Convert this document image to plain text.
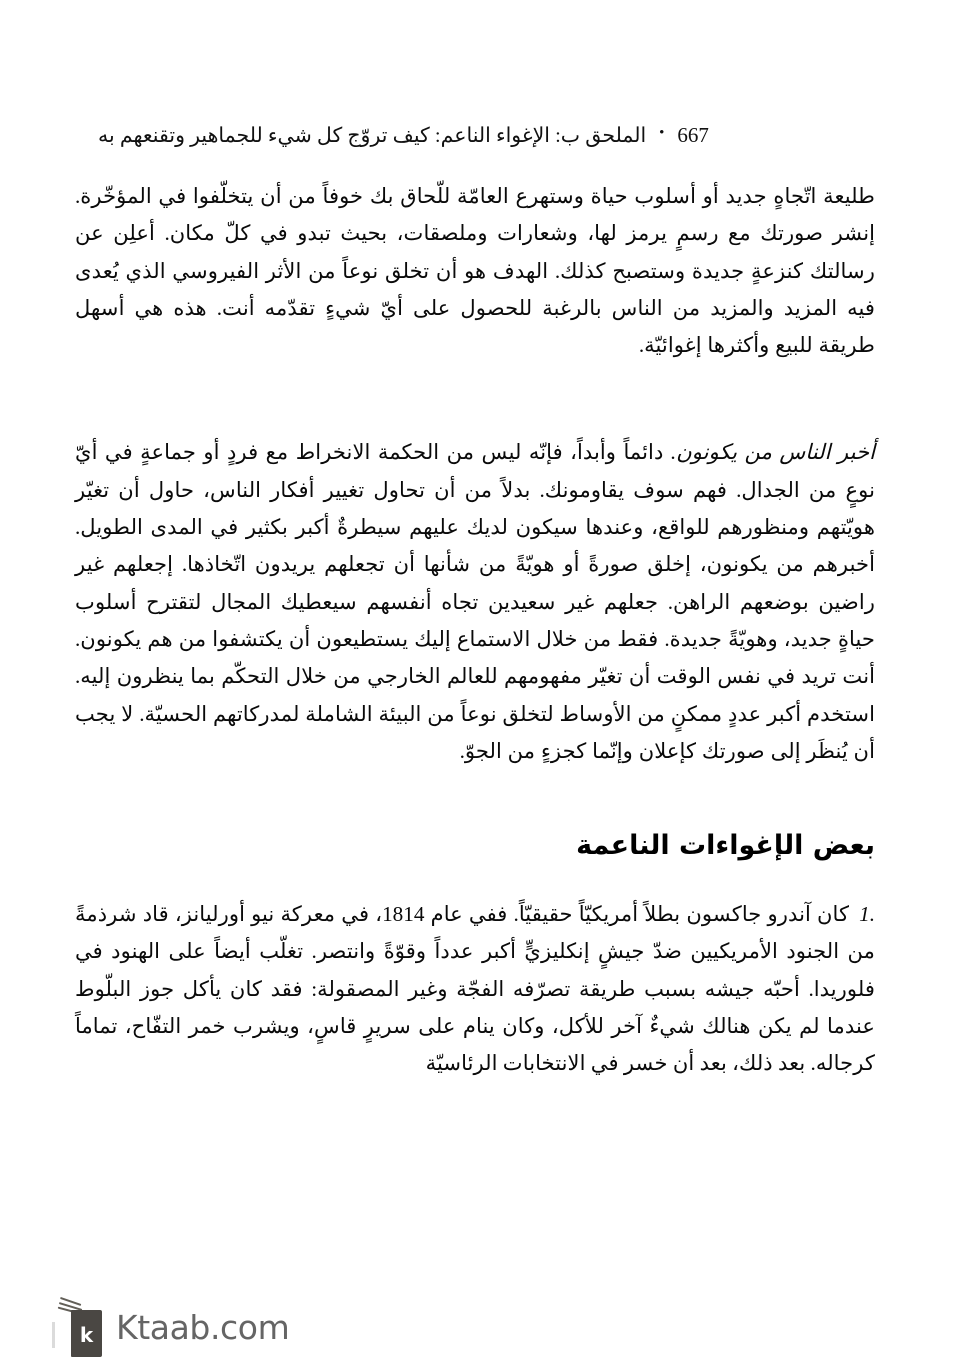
الملحق ب: الإغواء الناعم: كيف تروّج كل شيء للجماهير وتقنعهم به • 667

طليعة اتّجاهٍ جديد أو أسلوب حياة وستهرع العامّة للّحاق بك خوفاً من أن يتخلّفوا في المؤخّرة. إنشر صورتك مع رسمٍ يرمز لها، وشعارات وملصقات، بحيث تبدو في كلّ مكان. أعلِن عن رسالتك كنزعةٍ جديدة وستصبح كذلك. الهدف هو أن تخلق نوعاً من الأثر الفيروسي الذي يُعدى فيه المزيد والمزيد من الناس بالرغبة للحصول على أيّ شيءٍ تقدّمه أنت. هذه هي أسهل طريقة للبيع وأكثرها إغوائيّة.

أخبر الناس من يكونون. دائماً وأبداً، فإنّه ليس من الحكمة الانخراط مع فردٍ أو جماعةٍ في أيّ نوعٍ من الجدال. فهم سوف يقاومونك. بدلاً من أن تحاول تغيير أفكار الناس، حاول أن تغيّر هويّتهم ومنظورهم للواقع، وعندها سيكون لديك عليهم سيطرةٌ أكبر بكثير في المدى الطويل. أخبرهم من يكونون، إخلق صورةً أو هويّةً من شأنها أن تجعلهم يريدون اتّخاذها. إجعلهم غير راضين بوضعهم الراهن. جعلهم غير سعيدين تجاه أنفسهم سيعطيك المجال لتقترح أسلوب حياةٍ جديد، وهويّةً جديدة. فقط من خلال الاستماع إليك يستطيعون أن يكتشفوا من هم يكونون. أنت تريد في نفس الوقت أن تغيّر مفهومهم للعالم الخارجي من خلال التحكّم بما ينظرون إليه. استخدم أكبر عددٍ ممكنٍ من الأوساط لتخلق نوعاً من البيئة الشاملة لمدركاتهم الحسيّة. لا يجب أن يُنظَر إلى صورتك كإعلان وإنّما كجزءٍ من الجوّ.

بعض الإغواءات الناعمة

1.كان آندرو جاكسون بطلاً أمريكيّاً حقيقيّاً. ففي عام 1814، في معركة نيو أورليانز، قاد شرذمةً من الجنود الأمريكيين ضدّ جيشٍ إنكليزيٍّ أكبر عدداً وقوّةً وانتصر. تغلّب أيضاً على الهنود في فلوريدا. أحبّه جيشه بسبب طريقة تصرّفه الفجّة وغير المصقولة: فقد كان يأكل جوز البلّوط عندما لم يكن هنالك شيءٌ آخر للأكل، وكان ينام على سريرٍ قاسٍ، ويشرب خمر التفّاح، تماماً كرجاله. بعد ذلك، بعد أن خسر في الانتخابات الرئاسيّة

k Ktaab.com
